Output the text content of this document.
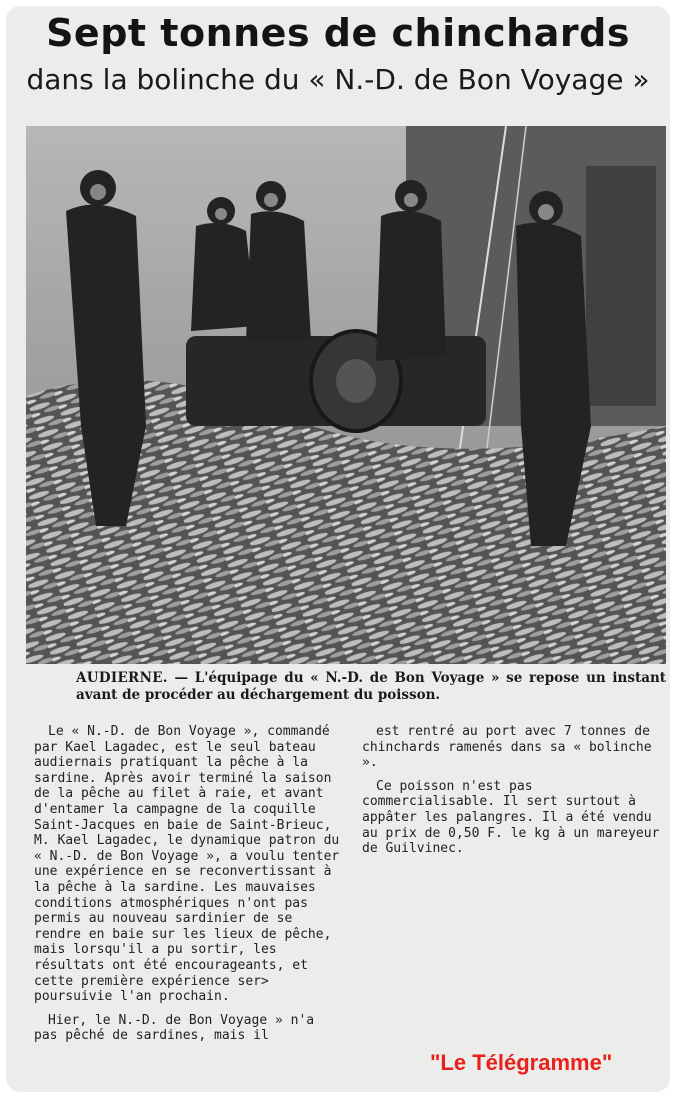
Sept tonnes de chinchards
dans la bolinche du « N.-D. de Bon Voyage »
AUDIERNE. — L'équipage du « N.-D. de Bon Voyage » se repose un instant avant de procéder au déchargement du poisson.

Le « N.-D. de Bon Voyage », commandé par Kael Lagadec, est le seul bateau audiernais pratiquant la pêche à la sardine. Après avoir terminé la saison de la pêche au filet à raie, et avant d'entamer la campagne de la coquille Saint-Jacques en baie de Saint-Brieuc, M. Kael Lagadec, le dynamique patron du « N.-D. de Bon Voyage », a voulu tenter une expérience en se reconvertissant à la pêche à la sardine. Les mauvaises conditions atmosphériques n'ont pas permis au nouveau sardinier de se rendre en baie sur les lieux de pêche, mais lorsqu'il a pu sortir, les résultats ont été encourageants, et cette première expérience ser> poursuivie l'an prochain.

Hier, le N.-D. de Bon Voyage » n'a pas pêché de sardines, mais il

est rentré au port avec 7 tonnes de chinchards ramenés dans sa « bolinche ».

Ce poisson n'est pas commercialisable. Il sert surtout à appâter les palangres. Il a été vendu au prix de 0,50 F. le kg à un mareyeur de Guilvinec.

"Le Télégramme"
